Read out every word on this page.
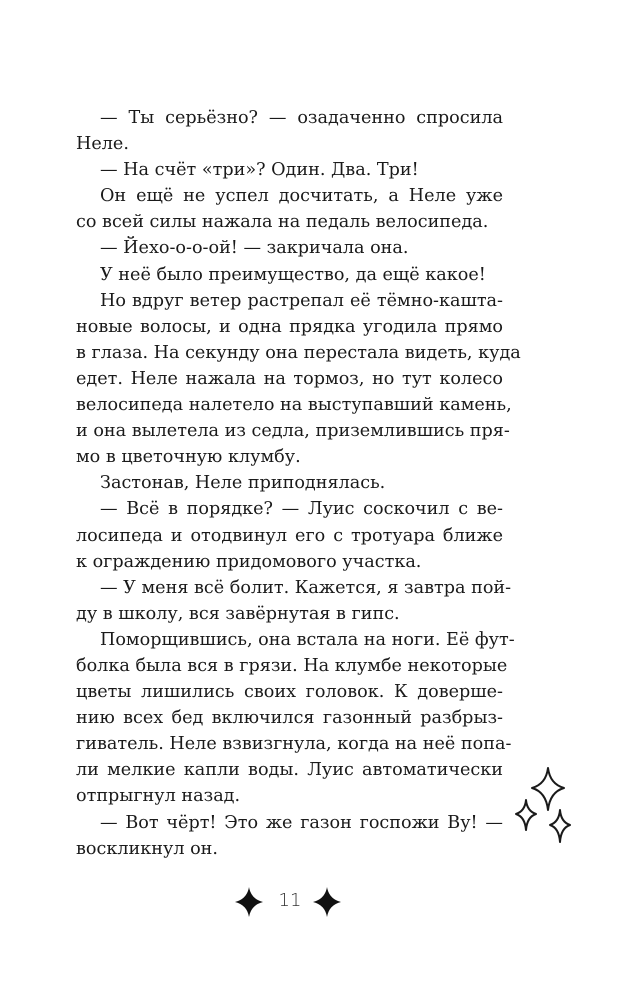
— Ты серьёзно? — озадаченно спросила
Неле.
— На счёт «три»? Один. Два. Три!
Он ещё не успел досчитать, а Неле уже
со всей силы нажала на педаль велосипеда.
— Йехо-о-о-ой! — закричала она.
У неё было преимущество, да ещё какое!
Но вдруг ветер растрепал её тёмно-кашта-
новые волосы, и одна прядка угодила прямо
в глаза. На секунду она перестала видеть, куда
едет. Неле нажала на тормоз, но тут колесо
велосипеда налетело на выступавший камень,
и она вылетела из седла, приземлившись пря-
мо в цветочную клумбу.
Застонав, Неле приподнялась.
— Всё в порядке? — Луис соскочил с ве-
лосипеда и отодвинул его с тротуара ближе
к ограждению придомового участка.
— У меня всё болит. Кажется, я завтра пой-
ду в школу, вся завёрнутая в гипс.
Поморщившись, она встала на ноги. Её фут-
болка была вся в грязи. На клумбе некоторые
цветы лишились своих головок. К доверше-
нию всех бед включился газонный разбрыз-
гиватель. Неле взвизгнула, когда на неё попа-
ли мелкие капли воды. Луис автоматически
отпрыгнул назад.
— Вот чёрт! Это же газон госпожи Ву! —
воскликнул он.
11
